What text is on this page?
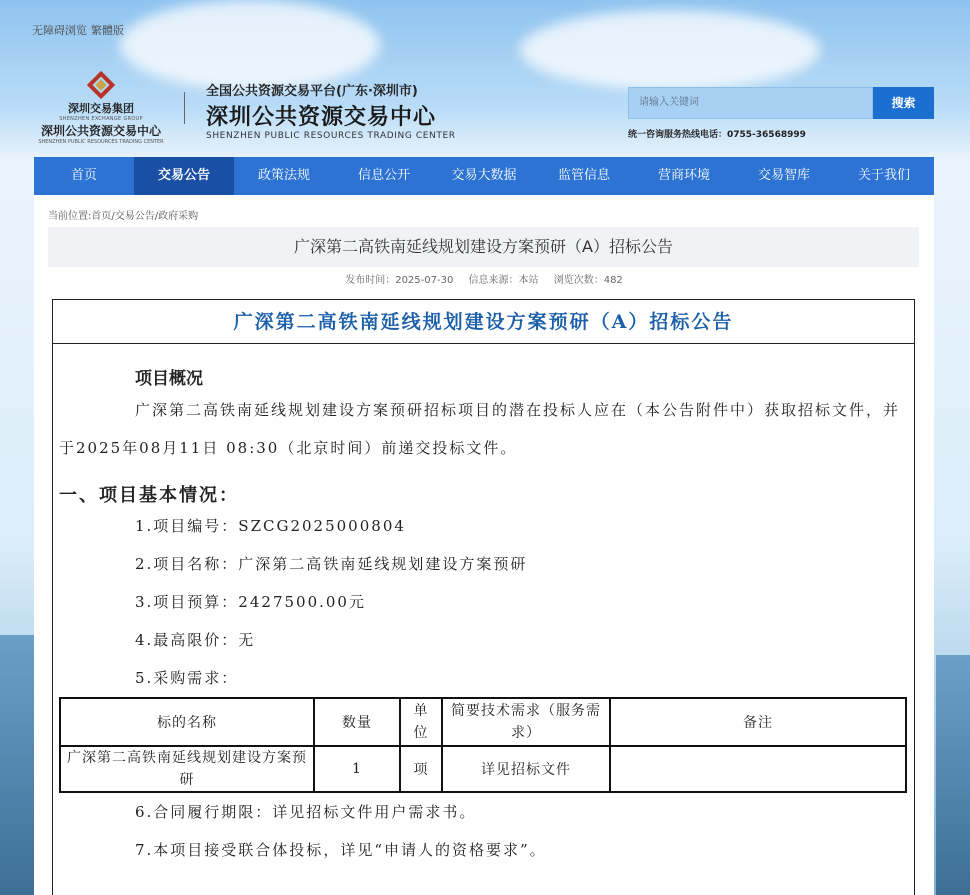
无障碍浏览 繁體版
深圳交易集团
SHENZHEN EXCHANGE GROUP
深圳公共资源交易中心
SHENZHEN PUBLIC RESOURCES TRADING CENTER
全国公共资源交易平台(广东·深圳市)
深圳公共资源交易中心
SHENZHEN PUBLIC RESOURCES TRADING CENTER
请输入关键词	搜索
统一咨询服务热线电话：0755-36568999
首页	交易公告	政策法规	信息公开	交易大数据	监管信息	营商环境	交易智库	关于我们
当前位置:首页/交易公告/政府采购
广深第二高铁南延线规划建设方案预研（A）招标公告
发布时间：2025-07-30 信息来源：本站 浏览次数：482
广深第二高铁南延线规划建设方案预研（A）招标公告
项目概况
广深第二高铁南延线规划建设方案预研招标项目的潜在投标人应在（本公告附件中）获取招标文件，并于2025年08月11日 08:30（北京时间）前递交投标文件。
一、项目基本情况：
1.项目编号：SZCG2025000804
2.项目名称：广深第二高铁南延线规划建设方案预研
3.项目预算：2427500.00元
4.最高限价：无
5.采购需求：
标的名称	数量	单位	简要技术需求（服务需求）	备注
广深第二高铁南延线规划建设方案预研	1	项	详见招标文件	
6.合同履行期限：详见招标文件用户需求书。
7.本项目接受联合体投标，详见“申请人的资格要求”。
